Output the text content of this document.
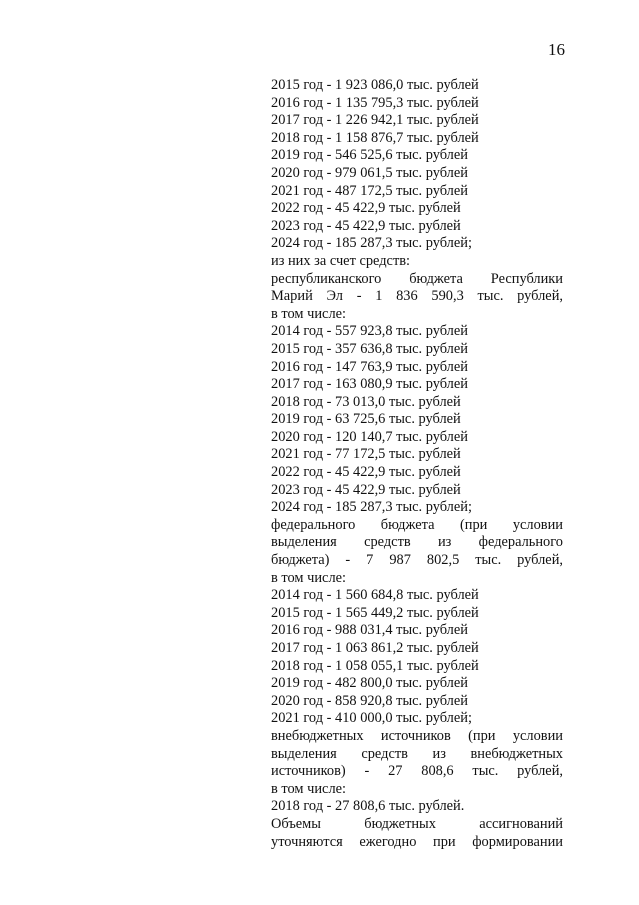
16
2015 год - 1 923 086,0 тыс. рублей
2016 год - 1 135 795,3 тыс. рублей
2017 год - 1 226 942,1 тыс. рублей
2018 год - 1 158 876,7 тыс. рублей
2019 год - 546 525,6 тыс. рублей
2020 год - 979 061,5 тыс. рублей
2021 год - 487 172,5 тыс. рублей
2022 год - 45 422,9 тыс. рублей
2023 год - 45 422,9 тыс. рублей
2024 год - 185 287,3 тыс. рублей;
из них за счет средств:
республиканского бюджета Республики
Марий Эл - 1 836 590,3 тыс. рублей,
в том числе:
2014 год - 557 923,8 тыс. рублей
2015 год - 357 636,8 тыс. рублей
2016 год - 147 763,9 тыс. рублей
2017 год - 163 080,9 тыс. рублей
2018 год - 73 013,0 тыс. рублей
2019 год - 63 725,6 тыс. рублей
2020 год - 120 140,7 тыс. рублей
2021 год - 77 172,5 тыс. рублей
2022 год - 45 422,9 тыс. рублей
2023 год - 45 422,9 тыс. рублей
2024 год - 185 287,3 тыс. рублей;
федерального бюджета (при условии
выделения средств из федерального
бюджета) - 7 987 802,5 тыс. рублей,
в том числе:
2014 год - 1 560 684,8 тыс. рублей
2015 год - 1 565 449,2 тыс. рублей
2016 год - 988 031,4 тыс. рублей
2017 год - 1 063 861,2 тыс. рублей
2018 год - 1 058 055,1 тыс. рублей
2019 год - 482 800,0 тыс. рублей
2020 год - 858 920,8 тыс. рублей
2021 год - 410 000,0 тыс. рублей;
внебюджетных источников (при условии
выделения средств из внебюджетных
источников) - 27 808,6 тыс. рублей,
в том числе:
2018 год - 27 808,6 тыс. рублей.
Объемы бюджетных ассигнований
уточняются ежегодно при формировании
